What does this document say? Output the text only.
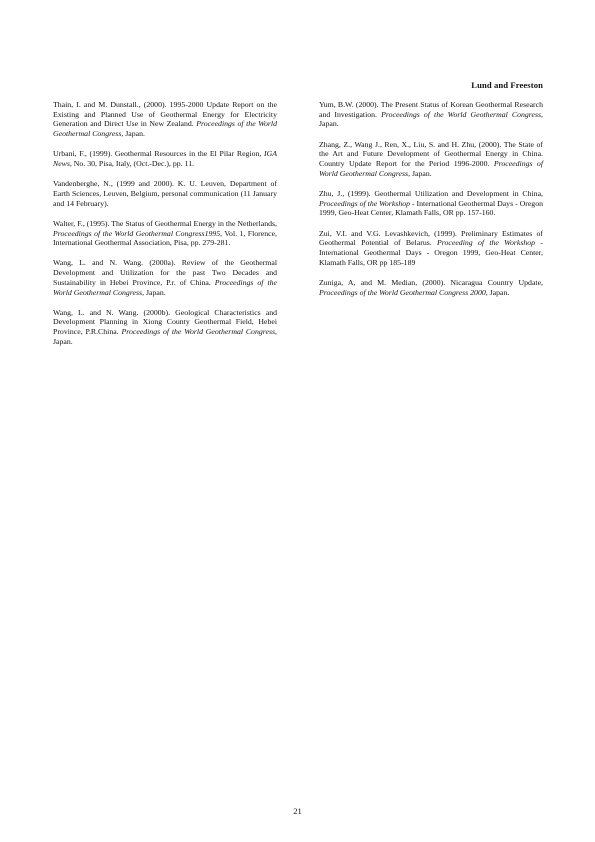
Lund and Freeston

Thain, I. and M. Dunstall., (2000). 1995-2000 Update Report on the Existing and Planned Use of Geothermal Energy for Electricity Generation and Direct Use in New Zealand. Proceedings of the World Geothermal Congress, Japan.

Urbani, F., (1999). Geothermal Resources in the El Pilar Region, IGA News, No. 30, Pisa, Italy, (Oct.-Dec.), pp. 11.

Vandenberghe, N., (1999 and 2000). K. U. Leuven, Department of Earth Sciences, Leuven, Belgium, personal communication (11 January and 14 February).

Walter, F., (1995). The Status of Geothermal Energy in the Netherlands, Proceedings of the World Geothermal Congress1995, Vol. 1, Florence, International Geothermal Association, Pisa, pp. 279-281.

Wang, L. and N. Wang. (2000a). Review of the Geothermal Development and Utilization for the past Two Decades and Sustainability in Hebei Province, P.r. of China. Proceedings of the World Geothermal Congress, Japan.

Wang, L. and N. Wang. (2000b). Geological Characteristics and Development Planning in Xiong County Geothermal Field, Hebei Province, P.R.China. Proceedings of the World Geothermal Congress, Japan.

Yum, B.W. (2000). The Present Status of Korean Geothermal Research and Investigation. Proceedings of the World Geothermal Congress, Japan.

Zhang, Z., Wang J., Ren, X., Liu, S. and H. Zhu, (2000). The State of the Art and Future Development of Geothermal Energy in China. Country Update Report for the Period 1996-2000. Proceedings of World Geothermal Congress, Japan.

Zhu, J., (1999). Geothermal Utilization and Development in China, Proceedings of the Workshop - International Geothermal Days - Oregon 1999, Geo-Heat Center, Klamath Falls, OR pp. 157-160.

Zui, V.I. and V.G. Levashkevich, (1999). Preliminary Estimates of Geothermal Potential of Belarus. Proceeding of the Workshop - International Geothermal Days - Oregon 1999, Geo-Heat Center, Klamath Falls, OR pp 185-189

Zuniga, A, and M. Median, (2000). Nicaragua Country Update, Proceedings of the World Geothermal Congress 2000, Japan.

21
